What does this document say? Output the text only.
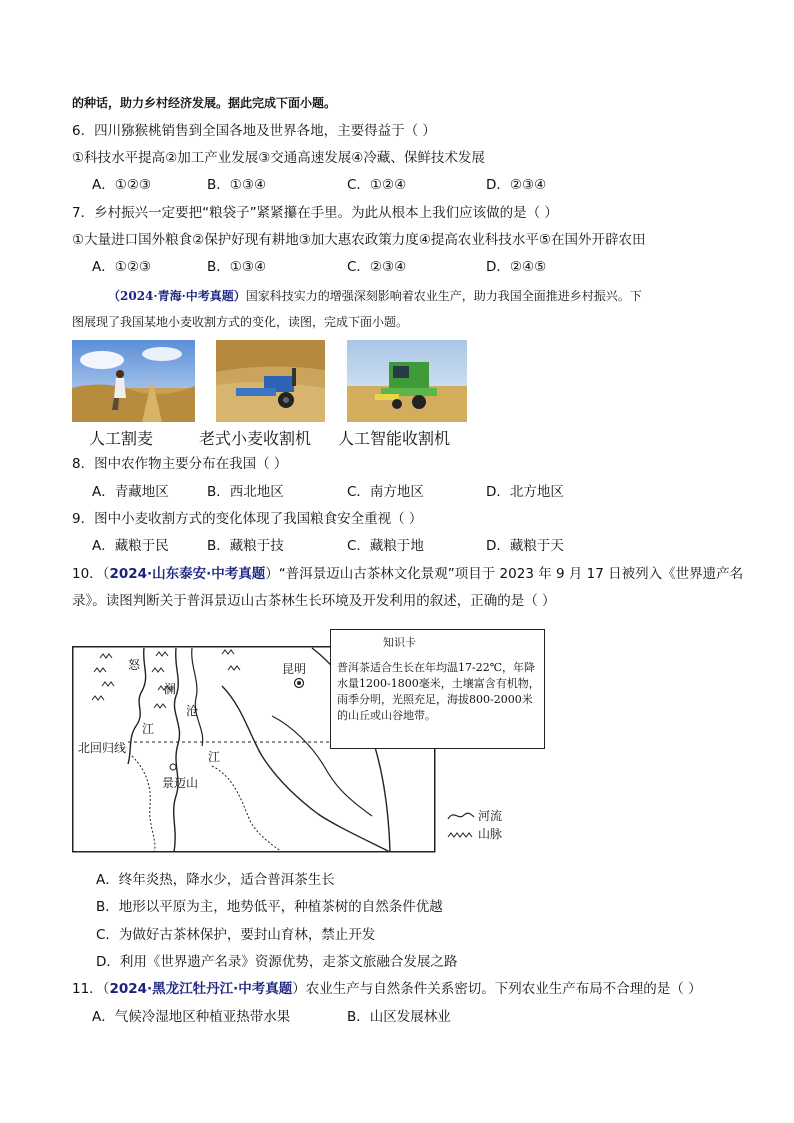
的种话，助力乡村经济发展。据此完成下面小题。
6．四川猕猴桃销售到全国各地及世界各地，主要得益于（ ）
①科技水平提高②加工产业发展③交通高速发展④冷藏、保鲜技术发展
A．①②③	B．①③④	C．①②④	D．②③④
7．乡村振兴一定要把“粮袋子”紧紧攥在手里。为此从根本上我们应该做的是（ ）
①大量进口国外粮食②保护好现有耕地③加大惠农政策力度④提高农业科技水平⑤在国外开辟农田
A．①②③	B．①③④	C．②③④	D．②④⑤
（2024·青海·中考真题）国家科技实力的增强深刻影响着农业生产，助力我国全面推进乡村振兴。下
图展现了我国某地小麦收割方式的变化，读图，完成下面小题。
人工割麦	老式小麦收割机 人工智能收割机
8．图中农作物主要分布在我国（ ）
A．青藏地区	B．西北地区	C．南方地区	D．北方地区
9．图中小麦收割方式的变化体现了我国粮食安全重视（ ）
A．藏粮于民	B．藏粮于技	C．藏粮于地	D．藏粮于天
10．（2024·山东泰安·中考真题）“普洱景迈山古茶林文化景观”项目于 2023 年 9 月 17 日被列入《世界遗产名
录》。读图判断关于普洱景迈山古茶林生长环境及开发利用的叙述，正确的是（ ）
怒
澜
沧
江
江
昆明
北回归线
景迈山
知识卡
普洱茶适合生长在年均温17-22℃，年降水量1200-1800毫米，土壤富含有机物，雨季分明，光照充足，海拔800-2000米的山丘或山谷地带。
河流
山脉
A．终年炎热，降水少，适合普洱茶生长
B．地形以平原为主，地势低平，种植茶树的自然条件优越
C．为做好古茶林保护，要封山育林，禁止开发
D．利用《世界遗产名录》资源优势，走茶文旅融合发展之路
11．（2024·黑龙江牡丹江·中考真题）农业生产与自然条件关系密切。下列农业生产布局不合理的是（ ）
A．气候冷湿地区种植亚热带水果	B．山区发展林业
